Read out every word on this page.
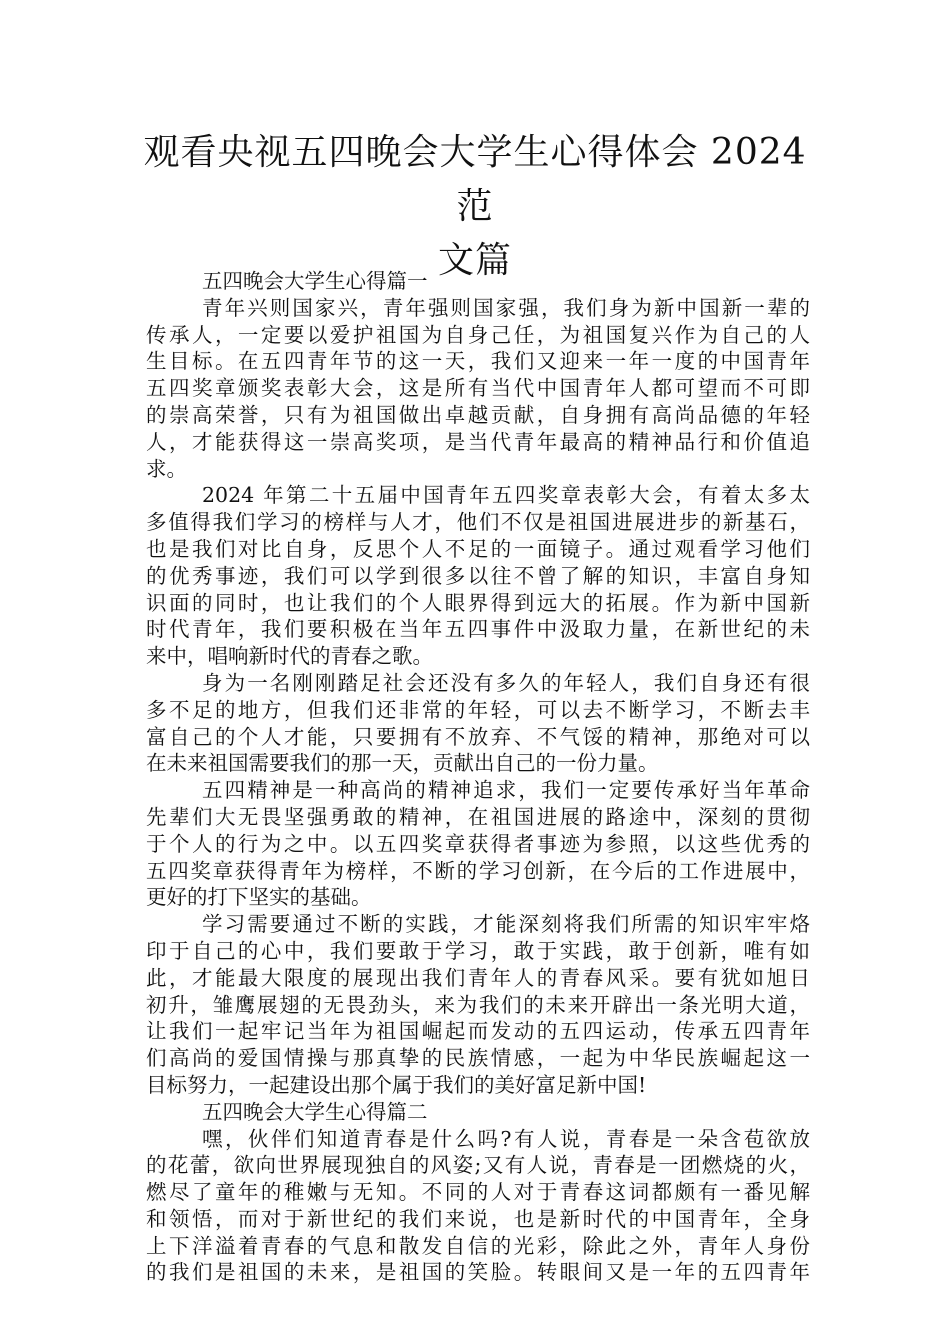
观看央视五四晚会大学生心得体会 2024 范
文篇
五四晚会大学生心得篇一
青年兴则国家兴，青年强则国家强，我们身为新中国新一辈的
传承人，一定要以爱护祖国为自身己任，为祖国复兴作为自己的人
生目标。在五四青年节的这一天，我们又迎来一年一度的中国青年
五四奖章颁奖表彰大会，这是所有当代中国青年人都可望而不可即
的崇高荣誉，只有为祖国做出卓越贡献，自身拥有高尚品德的年轻
人，才能获得这一崇高奖项，是当代青年最高的精神品行和价值追
求。
2024 年第二十五届中国青年五四奖章表彰大会，有着太多太
多值得我们学习的榜样与人才，他们不仅是祖国进展进步的新基石，
也是我们对比自身，反思个人不足的一面镜子。通过观看学习他们
的优秀事迹，我们可以学到很多以往不曾了解的知识，丰富自身知
识面的同时，也让我们的个人眼界得到远大的拓展。作为新中国新
时代青年，我们要积极在当年五四事件中汲取力量，在新世纪的未
来中，唱响新时代的青春之歌。
身为一名刚刚踏足社会还没有多久的年轻人，我们自身还有很
多不足的地方，但我们还非常的年轻，可以去不断学习，不断去丰
富自己的个人才能，只要拥有不放弃、不气馁的精神，那绝对可以
在未来祖国需要我们的那一天，贡献出自己的一份力量。
五四精神是一种高尚的精神追求，我们一定要传承好当年革命
先辈们大无畏坚强勇敢的精神，在祖国进展的路途中，深刻的贯彻
于个人的行为之中。以五四奖章获得者事迹为参照，以这些优秀的
五四奖章获得青年为榜样，不断的学习创新，在今后的工作进展中，
更好的打下坚实的基础。
学习需要通过不断的实践，才能深刻将我们所需的知识牢牢烙
印于自己的心中，我们要敢于学习，敢于实践，敢于创新，唯有如
此，才能最大限度的展现出我们青年人的青春风采。要有犹如旭日
初升，雏鹰展翅的无畏劲头，来为我们的未来开辟出一条光明大道，
让我们一起牢记当年为祖国崛起而发动的五四运动，传承五四青年
们高尚的爱国情操与那真挚的民族情感，一起为中华民族崛起这一
目标努力，一起建设出那个属于我们的美好富足新中国!
五四晚会大学生心得篇二
嘿，伙伴们知道青春是什么吗?有人说，青春是一朵含苞欲放
的花蕾，欲向世界展现独自的风姿;又有人说，青春是一团燃烧的火，
燃尽了童年的稚嫩与无知。不同的人对于青春这词都颇有一番见解
和领悟，而对于新世纪的我们来说，也是新时代的中国青年，全身
上下洋溢着青春的气息和散发自信的光彩，除此之外，青年人身份
的我们是祖国的未来，是祖国的笑脸。转眼间又是一年的五四青年
